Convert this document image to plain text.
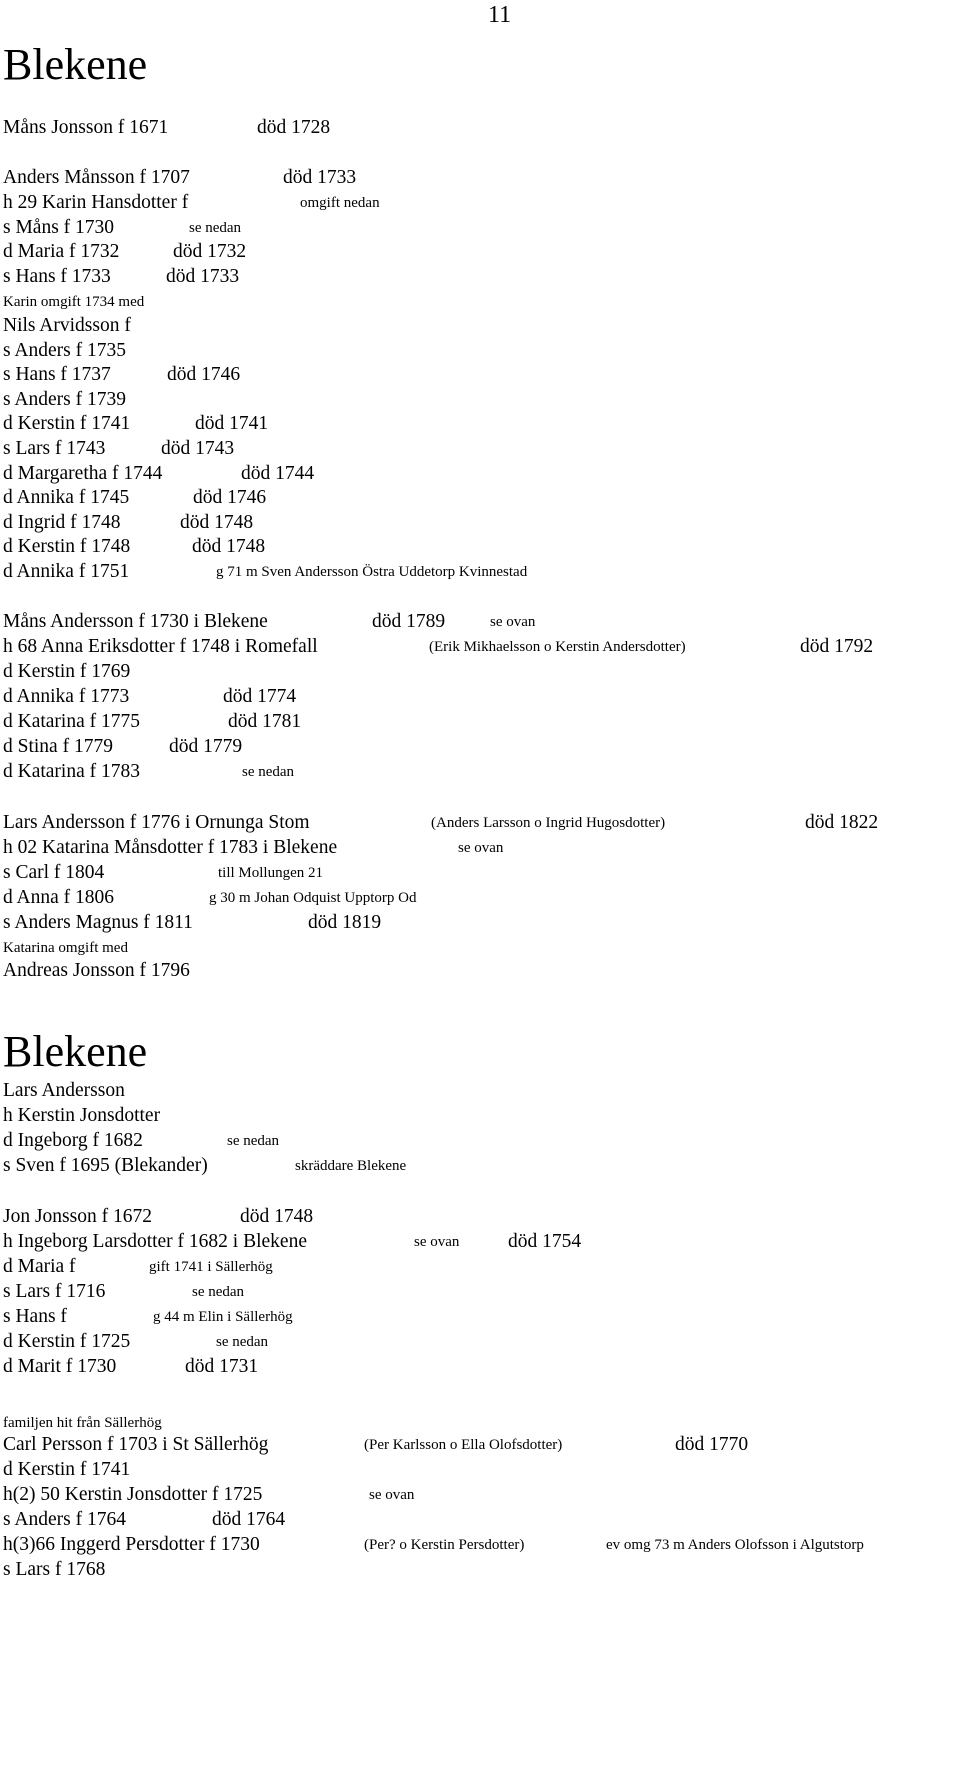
11
Blekene
Måns Jonsson f 1671	död 1728
Anders Månsson f 1707	död 1733
h 29 Karin Hansdotter f	omgift nedan
s Måns f 1730	se nedan
d Maria f 1732	död 1732
s Hans f 1733	död 1733
Karin omgift 1734 med
Nils Arvidsson f
s Anders f 1735
s Hans f 1737	död 1746
s Anders f 1739
d Kerstin f 1741	död 1741
s Lars f 1743	död 1743
d Margaretha f 1744	död 1744
d Annika f 1745	död 1746
d Ingrid f 1748	död 1748
d Kerstin f 1748	död 1748
d Annika f 1751	g 71 m Sven Andersson Östra Uddetorp Kvinnestad
Måns Andersson f 1730 i Blekene	död 1789	se ovan
h 68 Anna Eriksdotter f 1748 i Romefall	(Erik Mikhaelsson o Kerstin Andersdotter)	död 1792
d Kerstin f 1769
d Annika f 1773	död 1774
d Katarina f 1775	död 1781
d Stina f 1779	död 1779
d Katarina f 1783	se nedan
Lars Andersson f 1776 i Ornunga Stom	(Anders Larsson o Ingrid Hugosdotter)	död 1822
h 02 Katarina Månsdotter f 1783 i Blekene	se ovan
s Carl f 1804	till Mollungen 21
d Anna f 1806	g 30 m Johan Odquist Upptorp Od
s Anders Magnus f 1811	död 1819
Katarina omgift med
Andreas Jonsson f 1796
Blekene
Lars Andersson
h Kerstin Jonsdotter
d Ingeborg f 1682	se nedan
s Sven f 1695 (Blekander)	skräddare Blekene
Jon Jonsson f 1672	död 1748
h Ingeborg Larsdotter f 1682 i Blekene	se ovan död 1754
d Maria f	gift 1741 i Sällerhög
s Lars f 1716	se nedan
s Hans f	g 44 m Elin i Sällerhög
d Kerstin f 1725	se nedan
d Marit f 1730	död 1731
familjen hit från Sällerhög
Carl Persson f 1703 i St Sällerhög	(Per Karlsson o Ella Olofsdotter)	död 1770
d Kerstin f 1741
h(2) 50 Kerstin Jonsdotter f 1725	se ovan
s Anders f 1764	död 1764
h(3)66 Inggerd Persdotter f 1730	(Per? o Kerstin Persdotter)	ev omg 73 m Anders Olofsson i Algutstorp
s Lars f 1768
